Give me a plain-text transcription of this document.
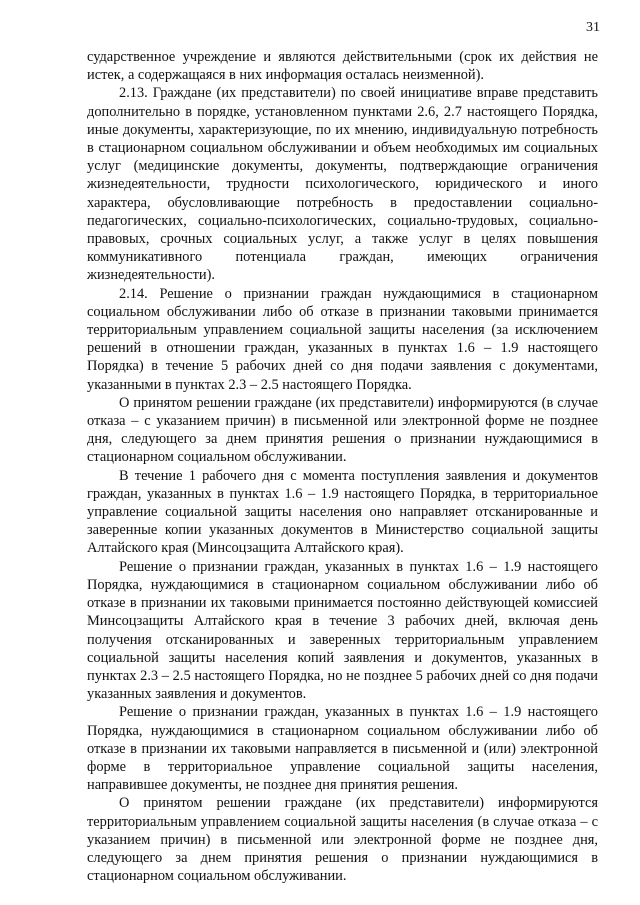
31

сударственное учреждение и являются действительными (срок их действия не истек, а содержащаяся в них информация осталась неизменной).

2.13. Граждане (их представители) по своей инициативе вправе представить дополнительно в порядке, установленном пунктами 2.6, 2.7 настоящего Порядка, иные документы, характеризующие, по их мнению, индивидуальную потребность в стационарном социальном обслуживании и объем необходимых им социальных услуг (медицинские документы, документы, подтверждающие ограничения жизнедеятельности, трудности психологического, юридического и иного характера, обусловливающие потребность в предоставлении социально-педагогических, социально-психологических, социально-трудовых, социально-правовых, срочных социальных услуг, а также услуг в целях повышения коммуникативного потенциала граждан, имеющих ограничения жизнедеятельности).

2.14. Решение о признании граждан нуждающимися в стационарном социальном обслуживании либо об отказе в признании таковыми принимается территориальным управлением социальной защиты населения (за исключением решений в отношении граждан, указанных в пунктах 1.6 – 1.9 настоящего Порядка) в течение 5 рабочих дней со дня подачи заявления с документами, указанными в пунктах 2.3 – 2.5 настоящего Порядка.

О принятом решении граждане (их представители) информируются (в случае отказа – с указанием причин) в письменной или электронной форме не позднее дня, следующего за днем принятия решения о признании нуждающимися в стационарном социальном обслуживании.

В течение 1 рабочего дня с момента поступления заявления и документов граждан, указанных в пунктах 1.6 – 1.9 настоящего Порядка, в территориальное управление социальной защиты населения оно направляет отсканированные и заверенные копии указанных документов в Министерство социальной защиты Алтайского края (Минсоцзащита Алтайского края).

Решение о признании граждан, указанных в пунктах 1.6 – 1.9 настоящего Порядка, нуждающимися в стационарном социальном обслуживании либо об отказе в признании их таковыми принимается постоянно действующей комиссией Минсоцзащиты Алтайского края в течение 3 рабочих дней, включая день получения отсканированных и заверенных территориальным управлением социальной защиты населения копий заявления и документов, указанных в пунктах 2.3 – 2.5 настоящего Порядка, но не позднее 5 рабочих дней со дня подачи указанных заявления и документов.

Решение о признании граждан, указанных в пунктах 1.6 – 1.9 настоящего Порядка, нуждающимися в стационарном социальном обслуживании либо об отказе в признании их таковыми направляется в письменной и (или) электронной форме в территориальное управление социальной защиты населения, направившее документы, не позднее дня принятия решения.

О принятом решении граждане (их представители) информируются территориальным управлением социальной защиты населения (в случае отказа – с указанием причин) в письменной или электронной форме не позднее дня, следующего за днем принятия решения о признании нуждающимися в стационарном социальном обслуживании.
